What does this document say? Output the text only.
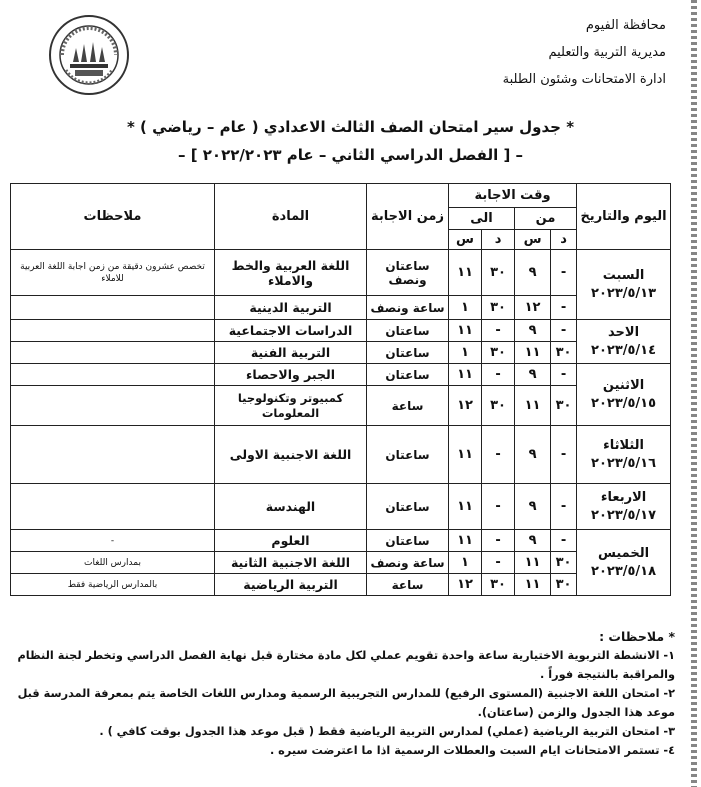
محافظة الفيوم
مديرية التربية والتعليم
ادارة الامتحانات وشئون الطلبة
* جدول سير امتحان الصف الثالث الاعدادي ( عام – رياضي ) *
– [ الفصل الدراسي الثاني – عام ٢٠٢٢/٢٠٢٣ ] –
اليوم والتاريخ	وقت الاجابة				زمن الاجابة	المادة	ملاحظات
	من		الى				
	د	س	د	س			

السبت
٢٠٢٣/٥/١٣	-	٩	٣٠	١١	ساعتان ونصف	اللغة العربية والخط والاملاء	تخصص عشرون دقيقة من زمن اجابة اللغة العربية للاملاء
	-	١٢	٣٠	١	ساعة ونصف	التربية الدينية	

الاحد
٢٠٢٣/٥/١٤	-	٩	-	١١	ساعتان	الدراسات الاجتماعية	
	٣٠	١١	٣٠	١	ساعتان	التربية الفنية	

الاثنين
٢٠٢٣/٥/١٥	-	٩	-	١١	ساعتان	الجبر والاحصاء	
	٣٠	١١	٣٠	١٢	ساعة	كمبيوتر وتكنولوجيا المعلومات	

الثلاثاء
٢٠٢٣/٥/١٦	-	٩	-	١١	ساعتان	اللغة الاجنبية الاولى	

الاربعاء
٢٠٢٣/٥/١٧	-	٩	-	١١	ساعتان	الهندسة	

الخميس
٢٠٢٣/٥/١٨	-	٩	-	١١	ساعتان	العلوم	-
	٣٠	١١	-	١	ساعة ونصف	اللغة الاجنبية الثانية	بمدارس اللغات
	٣٠	١١	٣٠	١٢	ساعة	التربية الرياضية	بالمدارس الرياضية فقط
* ملاحظات :
١- الانشطة التربوية الاختيارية ساعة واحدة تقويم عملي لكل مادة مختارة قبل نهاية الفصل الدراسي وتخطر لجنة النظام والمراقبة بالنتيجة فوراً .
٢- امتحان اللغة الاجنبية (المستوى الرفيع) للمدارس التجريبية الرسمية ومدارس اللغات الخاصة يتم بمعرفة المدرسة قبل موعد هذا الجدول والزمن (ساعتان).
٣- امتحان التربية الرياضية (عملي) لمدارس التربية الرياضية فقط ( قبل موعد هذا الجدول بوقت كافي ) .
٤- تستمر الامتحانات ايام السبت والعطلات الرسمية اذا ما اعترضت سيره .
